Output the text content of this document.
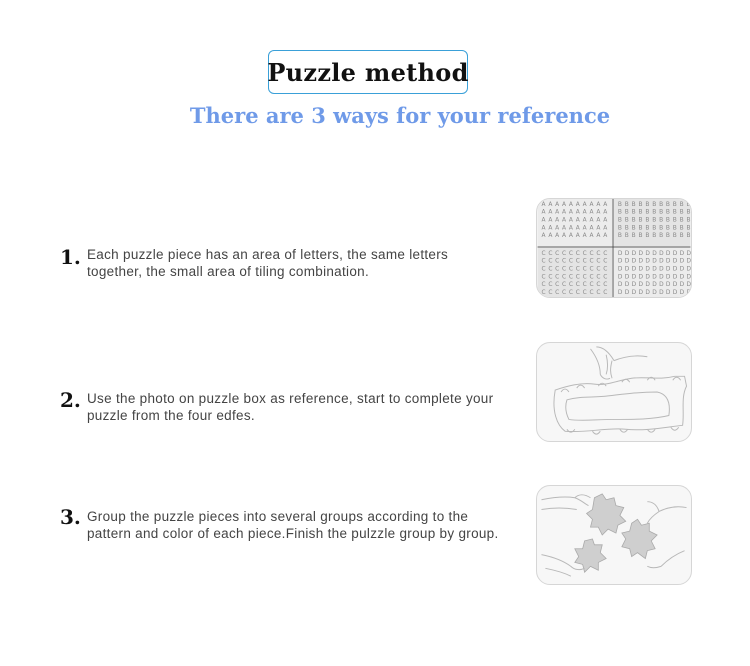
Puzzle method
There are 3 ways for your reference
1. Each puzzle piece has an area of letters, the same letters together, the small area of tiling combination.
A A A A A A A A A A
A A A A A A A A A A
A A A A A A A A A A
A A A A A A A A A A
A A A A A A A A A A
B B B B B B B B B B B
B B B B B B B B B B B
B B B B B B B B B B B
B B B B B B B B B B B
B B B B B B B B B B B
C C C C C C C C C C
C C C C C C C C C C
C C C C C C C C C C
C C C C C C C C C C
C C C C C C C C C C
C C C C C C C C C C
D D D D D D D D D D D
D D D D D D D D D D D
D D D D D D D D D D D
D D D D D D D D D D D
D D D D D D D D D D D
D D D D D D D D D D D
2. Use the photo on puzzle box as reference, start to complete your puzzle from the four edfes.
3. Group the puzzle pieces into several groups according to the pattern and color of each piece.Finish the pulzzle group by group.
